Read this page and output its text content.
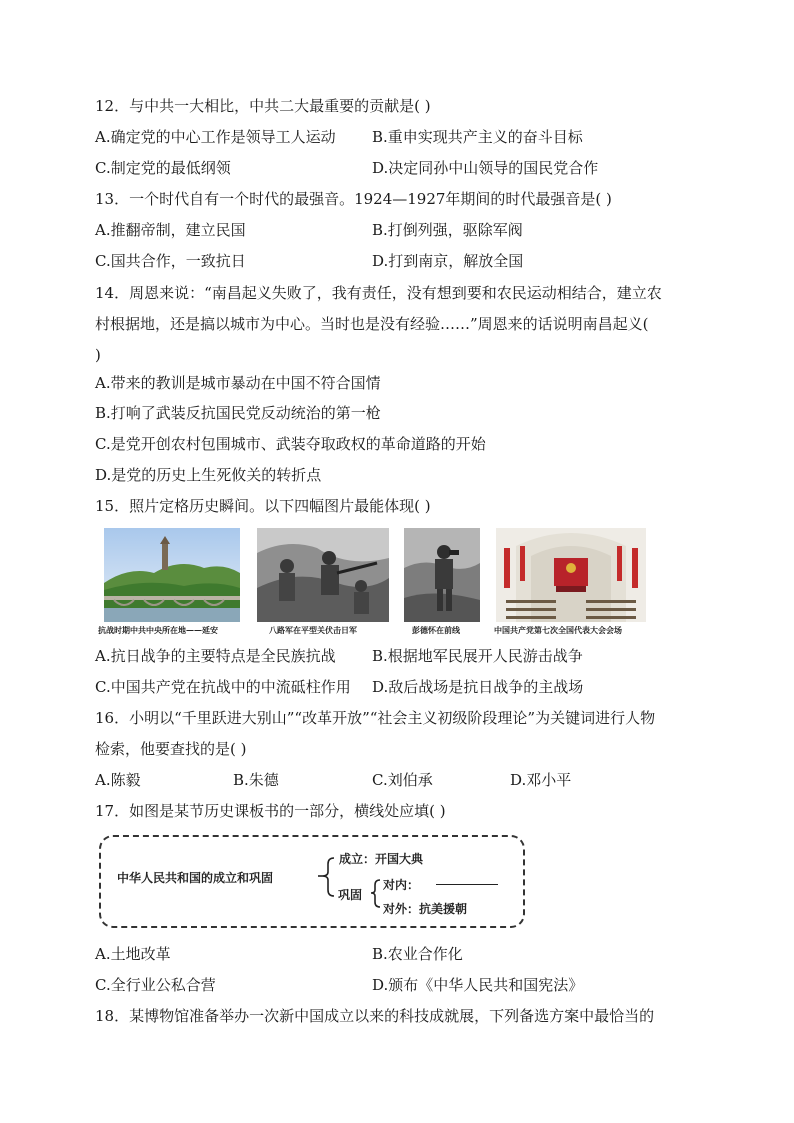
12．与中共一大相比，中共二大最重要的贡献是( )
A.确定党的中心工作是领导工人运动 B.重申实现共产主义的奋斗目标
C.制定党的最低纲领	D.决定同孙中山领导的国民党合作
13．一个时代自有一个时代的最强音。1924—1927年期间的时代最强音是( )
A.推翻帝制，建立民国	B.打倒列强，驱除军阀
C.国共合作，一致抗日	D.打到南京，解放全国
14．周恩来说：“南昌起义失败了，我有责任，没有想到要和农民运动相结合，建立农
村根据地，还是搞以城市为中心。当时也是没有经验……”周恩来的话说明南昌起义(
)
A.带来的教训是城市暴动在中国不符合国情
B.打响了武装反抗国民党反动统治的第一枪
C.是党开创农村包围城市、武装夺取政权的革命道路的开始
D.是党的历史上生死攸关的转折点
15．照片定格历史瞬间。以下四幅图片最能体现( )
抗战时期中共中央所在地——延安	八路军在平型关伏击日军	彭德怀在前线	中国共产党第七次全国代表大会会场
A.抗日战争的主要特点是全民族抗战 B.根据地军民展开人民游击战争
C.中国共产党在抗战中的中流砥柱作用 D.敌后战场是抗日战争的主战场
16．小明以“千里跃进大别山”“改革开放”“社会主义初级阶段理论”为关键词进行人物
检索，他要查找的是( )
A.陈毅	B.朱德	C.刘伯承	D.邓小平
17．如图是某节历史课板书的一部分，横线处应填( )
中华人民共和国的成立和巩固
成立：开国大典
巩固
对内：
对外：抗美援朝
A.土地改革	B.农业合作化
C.全行业公私合营	D.颁布《中华人民共和国宪法》
18．某博物馆准备举办一次新中国成立以来的科技成就展，下列备选方案中最恰当的
